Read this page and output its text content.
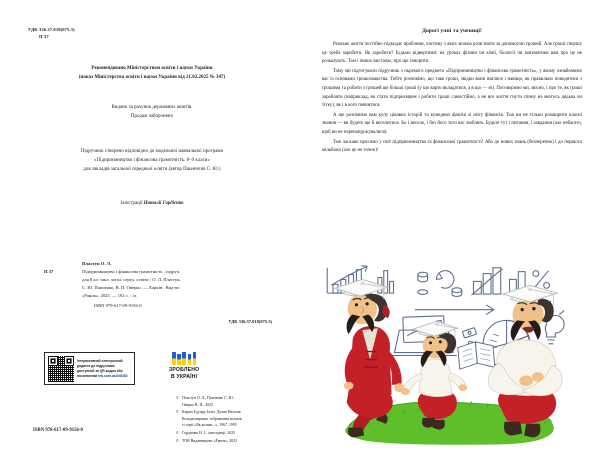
УДК 336.37.018(075.3)
П 37
Рекомендовано Міністерством освіти і науки України
(наказ Міністерства освіти і науки України від 21.02.2025 № 347)
Видано за рахунок державних коштів.
Продаж заборонено
Підручник створено відповідно до модельної навчальної програми
«Підприємництво і фінансова грамотність. 8–9 класи»
для закладів загальної середньої освіти (автор Пшенична С. Ю.)
Ілюстрації Наталії Гордієнко
Пластун О. Л.
П 37	Підприємництво і фінансова грамотність : підруч.
для 8 кл. закл. загал. серед. освіти / О. Л. Пластун,
С. Ю. Панченко, В. П. Оверко. — Харків : Вид-во
«Ранок», 2025. — 192 с. : іл.
ISBN 978-617-09-9156-0
УДК 336.37.018(075.3)
Інтерактивний електронний додаток до підручника доступний за QR-кодом або посиланням rnk.com.ua/108452
ЗРОБЛЕНО
В УКРАЇНІ
© Пластун О. Л., Панченко С. Ю.,
Оверко В. П., 2025
© Кирич Едуард Ілліч, Далян Наталія
Володимирівна, зображення козаків
із серії «Як козаки...», 1967–1995
© Гордієнко Н. І., ілюстрації, 2025
© ТОВ Видавництво «Ранок», 2025
ISBN 978-617-09-9156-0
Дорогі учні та учениці!

Реальне життя постійно підкидає проблеми, частину з яких можна розв’язати за допомогою грошей. Але гроші спершу це треба заробити. Як заробити? Будьмо відвертими: на уроках фізики чи хімії, біології чи математики вам про це не розказують. Там і інших вистачає, про що говорити.

Тому ми підготували підручник з окремого предмета «Підприємництво і фінансова грамотність», у якому ознайомимо вас із основами грошознавства. Тобто розповімо, що таке гроші, звідки вони взялися і навіщо, як правильно поводитися з грошима та робити з грошей ще більші гроші (у що варто вкладатися, а в що — ні). Поговоримо ми, звісно, і про те, як гроші заробляти (наприклад, як стати підприємцем і робити гроші самостійно, а не все життя гнути спину на якогось дядька чи тітку), як і в кого повчитися.

А ще розповімо вам купу цікавих історій та кумедних фактів зі світу фінансів. Тож ви не тільки розширите власні знання — ви будете ще й веселитися. Бо і весело, і без його того вас люблять. Будьте тут і питання, і завдання (але небагато, щоб ви не перенапружувалися).

Тож ласкаво просимо у світ підприємництва та фінансової грамотності! Або до нових знань (безперечно) і до першого мільйона (але це не точно)!
